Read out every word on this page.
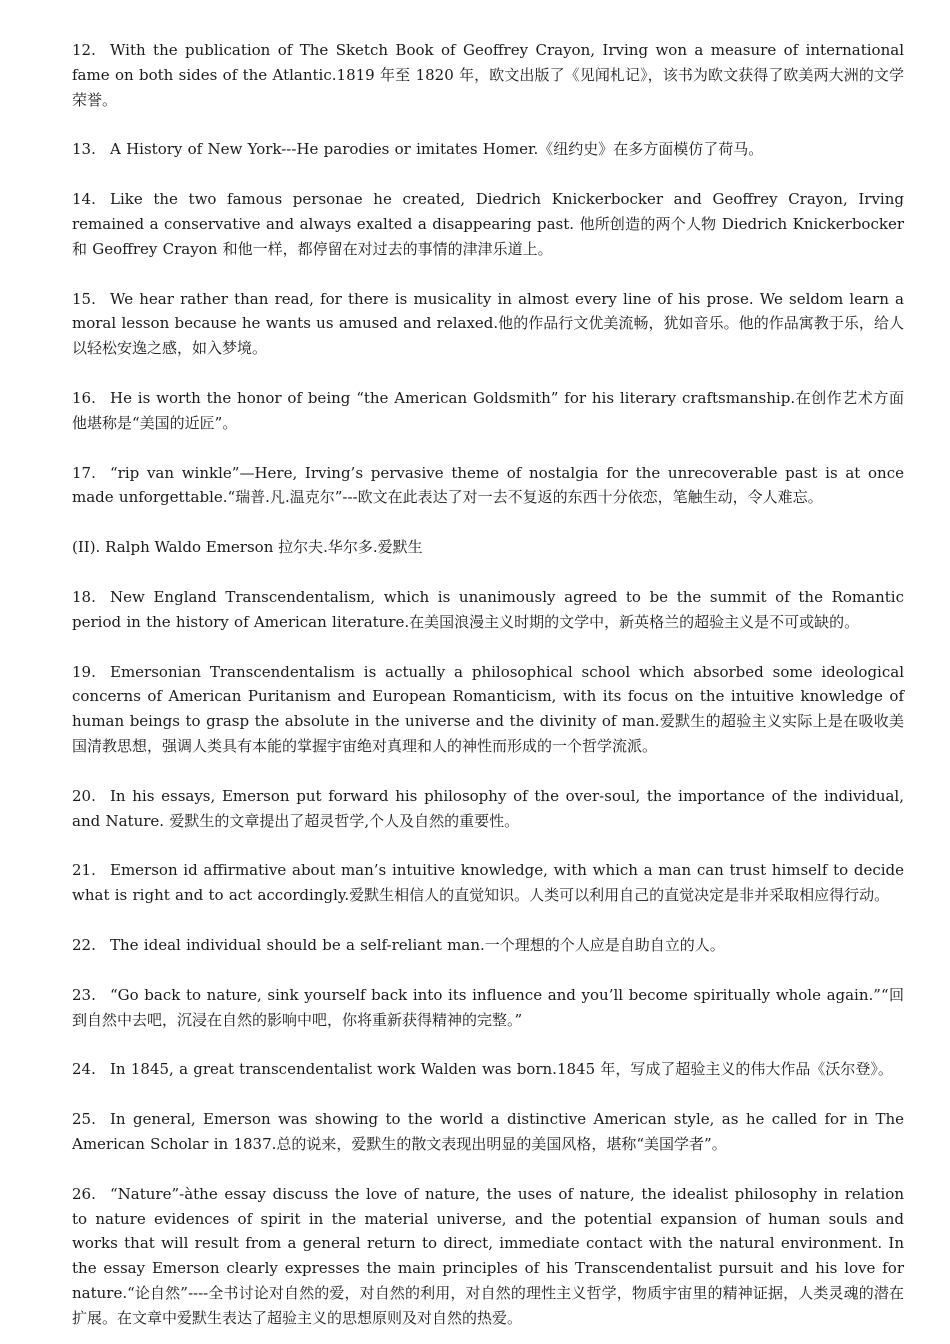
12. With the publication of The Sketch Book of Geoffrey Crayon, Irving won a measure of international fame on both sides of the Atlantic.1819 年至 1820 年，欧文出版了《见闻札记》，该书为欧文获得了欧美两大洲的文学荣誉。

13. A History of New York---He parodies or imitates Homer.《纽约史》在多方面模仿了荷马。

14. Like the two famous personae he created, Diedrich Knickerbocker and Geoffrey Crayon, Irving remained a conservative and always exalted a disappearing past. 他所创造的两个人物 Diedrich Knickerbocker 和 Geoffrey Crayon 和他一样，都停留在对过去的事情的津津乐道上。

15. We hear rather than read, for there is musicality in almost every line of his prose. We seldom learn a moral lesson because he wants us amused and relaxed.他的作品行文优美流畅，犹如音乐。他的作品寓教于乐，给人以轻松安逸之感，如入梦境。

16. He is worth the honor of being “the American Goldsmith” for his literary craftsmanship.在创作艺术方面他堪称是“美国的近匠”。

17. “rip van winkle”—Here, Irving’s pervasive theme of nostalgia for the unrecoverable past is at once made unforgettable.“瑞普.凡.温克尔”---欧文在此表达了对一去不复返的东西十分依恋，笔触生动，令人难忘。

(II). Ralph Waldo Emerson 拉尔夫.华尔多.爱默生

18. New England Transcendentalism, which is unanimously agreed to be the summit of the Romantic period in the history of American literature.在美国浪漫主义时期的文学中，新英格兰的超验主义是不可或缺的。

19. Emersonian Transcendentalism is actually a philosophical school which absorbed some ideological concerns of American Puritanism and European Romanticism, with its focus on the intuitive knowledge of human beings to grasp the absolute in the universe and the divinity of man.爱默生的超验主义实际上是在吸收美国清教思想，强调人类具有本能的掌握宇宙绝对真理和人的神性而形成的一个哲学流派。

20. In his essays, Emerson put forward his philosophy of the over-soul, the importance of the individual, and Nature. 爱默生的文章提出了超灵哲学,个人及自然的重要性。

21. Emerson id affirmative about man’s intuitive knowledge, with which a man can trust himself to decide what is right and to act accordingly.爱默生相信人的直觉知识。人类可以利用自己的直觉决定是非并采取相应得行动。

22. The ideal individual should be a self-reliant man.一个理想的个人应是自助自立的人。

23. “Go back to nature, sink yourself back into its influence and you’ll become spiritually whole again.”“回到自然中去吧，沉浸在自然的影响中吧，你将重新获得精神的完整。”

24. In 1845, a great transcendentalist work Walden was born.1845 年，写成了超验主义的伟大作品《沃尔登》。

25. In general, Emerson was showing to the world a distinctive American style, as he called for in The American Scholar in 1837.总的说来，爱默生的散文表现出明显的美国风格，堪称“美国学者”。

26. “Nature”-àthe essay discuss the love of nature, the uses of nature, the idealist philosophy in relation to nature evidences of spirit in the material universe, and the potential expansion of human souls and works that will result from a general return to direct, immediate contact with the natural environment. In the essay Emerson clearly expresses the main principles of his Transcendentalist pursuit and his love for nature.“论自然”----全书讨论对自然的爱，对自然的利用，对自然的理性主义哲学，物质宇宙里的精神证据，人类灵魂的潜在扩展。在文章中爱默生表达了超验主义的思想原则及对自然的热爱。
